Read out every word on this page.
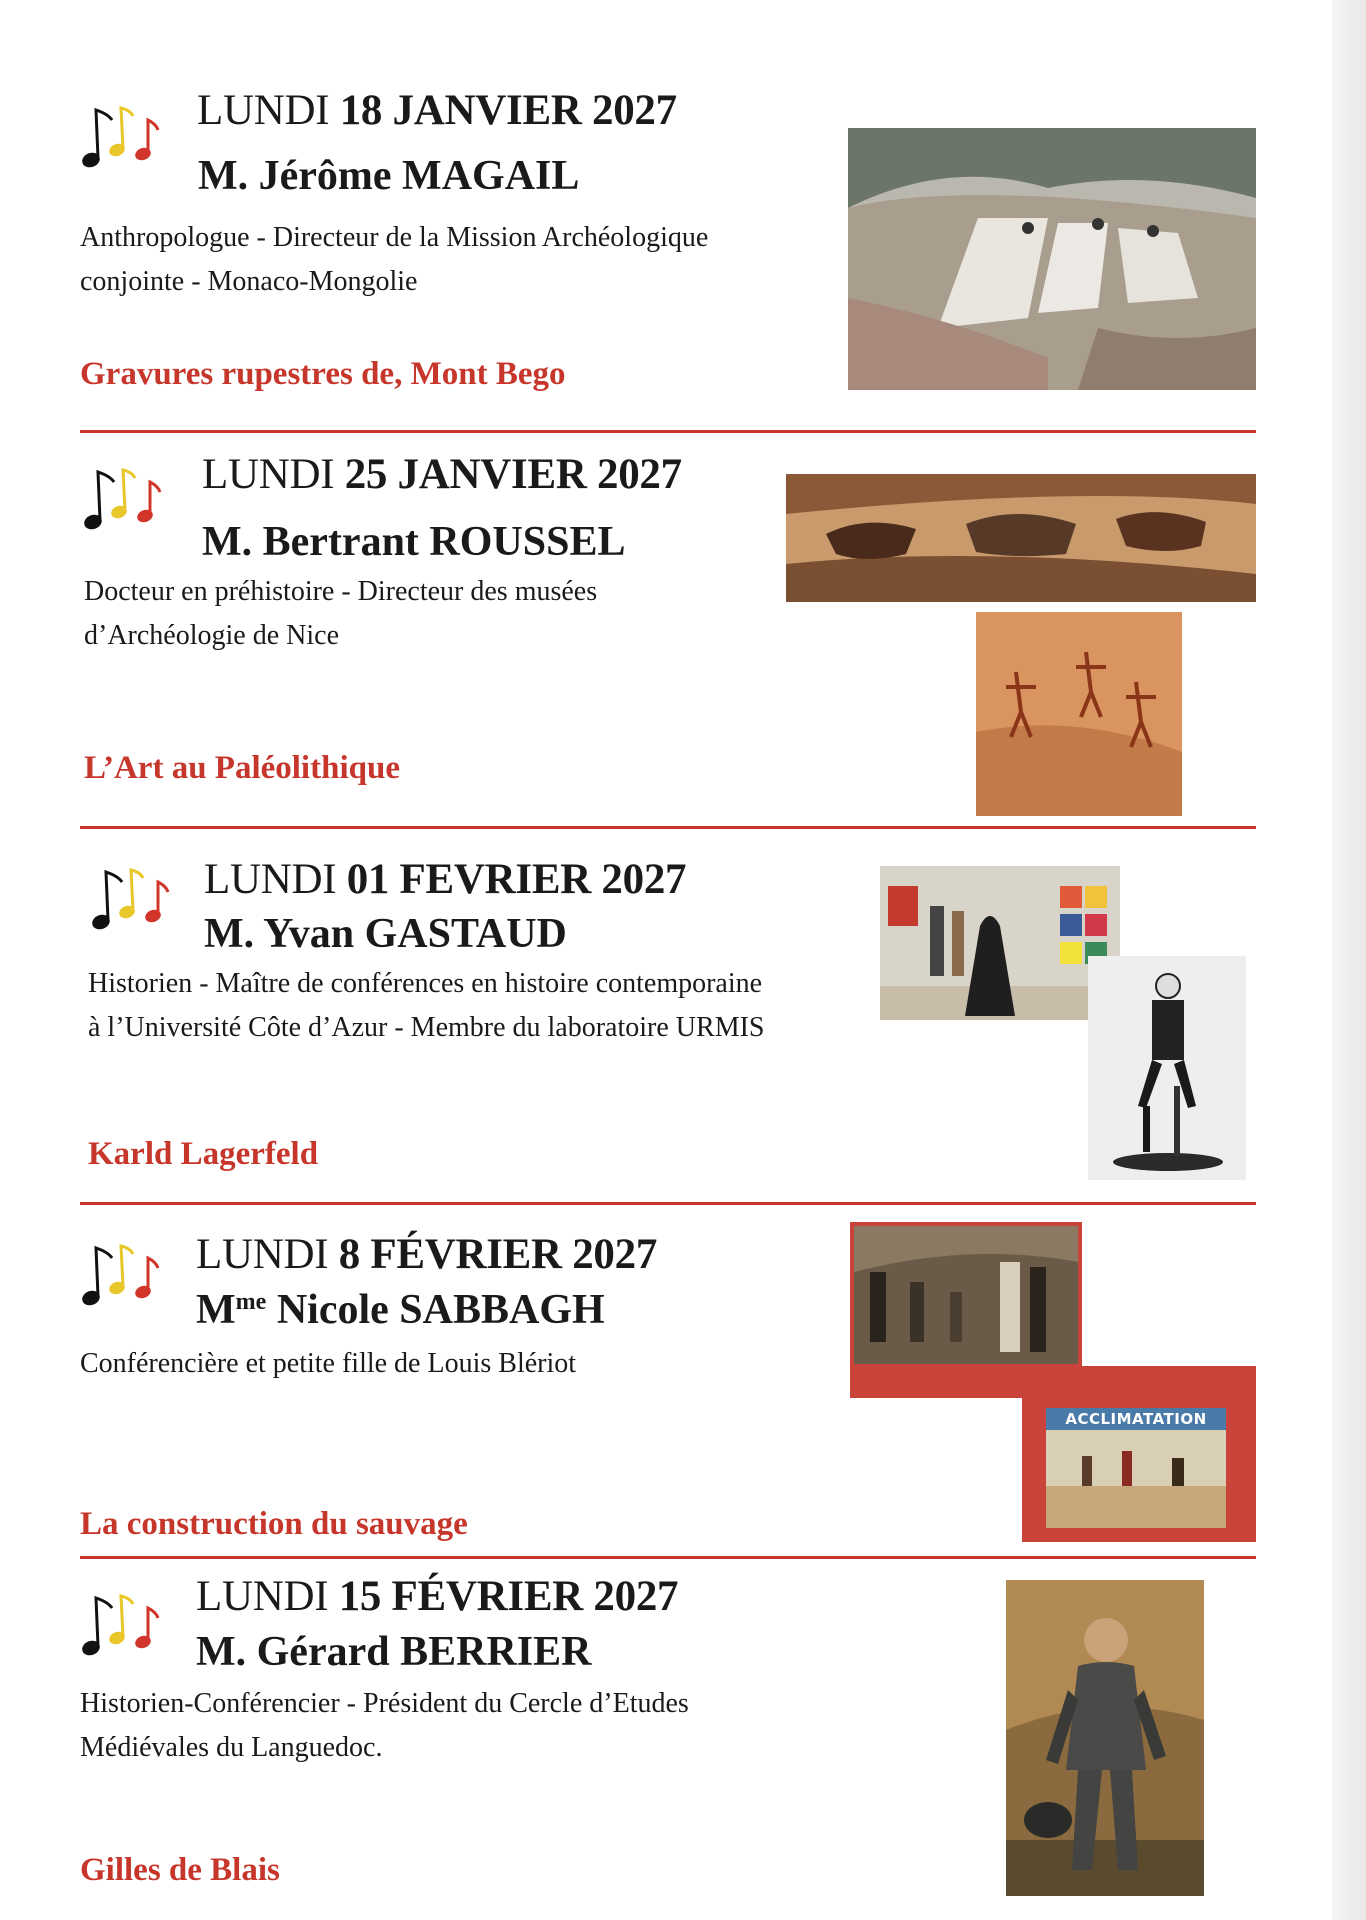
LUNDI 18 JANVIER 2027
M. Jérôme MAGAIL
Anthropologue - Directeur de la Mission Archéologique
conjointe - Monaco-Mongolie
Gravures rupestres de, Mont Bego
LUNDI 25 JANVIER 2027
M. Bertrant ROUSSEL
Docteur en préhistoire - Directeur des musées
d’Archéologie de Nice
L’Art au Paléolithique
LUNDI 01 FEVRIER 2027
M. Yvan GASTAUD
Historien - Maître de conférences en histoire contemporaine
à l’Université Côte d’Azur - Membre du laboratoire URMIS
Karld Lagerfeld
LUNDI 8 FÉVRIER 2027
$M^{me}$ Nicole SABBAGH
Conférencière et petite fille de Louis Blériot
La construction du sauvage
ACCLIMATATION
LUNDI 15 FÉVRIER 2027
M. Gérard BERRIER
Historien-Conférencier - Président du Cercle d’Etudes
Médiévales du Languedoc.
Gilles de Blais
